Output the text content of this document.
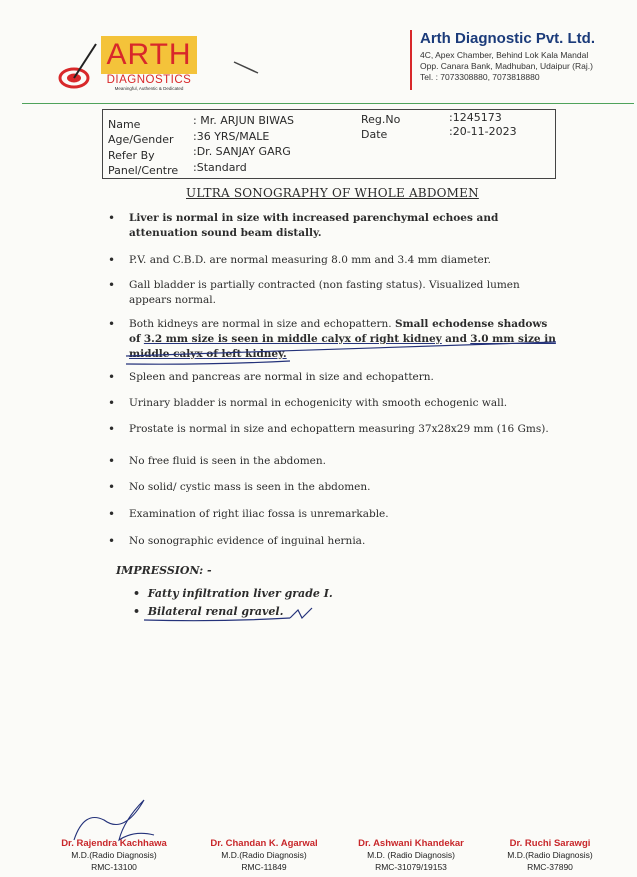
ARTH
DIAGNOSTICS
Meaningful, Authentic & Dedicated
Arth Diagnostic Pvt. Ltd.
4C, Apex Chamber, Behind Lok Kala Mandal
Opp. Canara Bank, Madhuban, Udaipur (Raj.)
Tel. : 7073308880, 7073818880
Name	: Mr. ARJUN BIWAS
Age/Gender :36 YRS/MALE
Refer By	:Dr. SANJAY GARG
Panel/Centre :Standard
Reg.No	:1245173
Date	:20-11-2023
ULTRA SONOGRAPHY OF WHOLE ABDOMEN
• Liver is normal in size with increased parenchymal echoes and attenuation sound beam distally.
• P.V. and C.B.D. are normal measuring 8.0 mm and 3.4 mm diameter.
• Gall bladder is partially contracted (non fasting status). Visualized lumen appears normal.
• Both kidneys are normal in size and echopattern. Small echodense shadows of 3.2 mm size is seen in middle calyx of right kidney and 3.0 mm size in middle calyx of left kidney.
• Spleen and pancreas are normal in size and echopattern.
• Urinary bladder is normal in echogenicity with smooth echogenic wall.
• Prostate is normal in size and echopattern measuring 37x28x29 mm (16 Gms).
• No free fluid is seen in the abdomen.
• No solid/ cystic mass is seen in the abdomen.
• Examination of right iliac fossa is unremarkable.
• No sonographic evidence of inguinal hernia.
IMPRESSION: -
•  Fatty infiltration liver grade I.
•  Bilateral renal gravel.
Dr. Rajendra Kachhawa
M.D.(Radio Diagnosis)
RMC-13100
Dr. Chandan K. Agarwal
M.D.(Radio Diagnosis)
RMC-11849
Dr. Ashwani Khandekar
M.D. (Radio Diagnosis)
RMC-31079/19153
Dr. Ruchi Sarawgi
M.D.(Radio Diagnosis)
RMC-37890
